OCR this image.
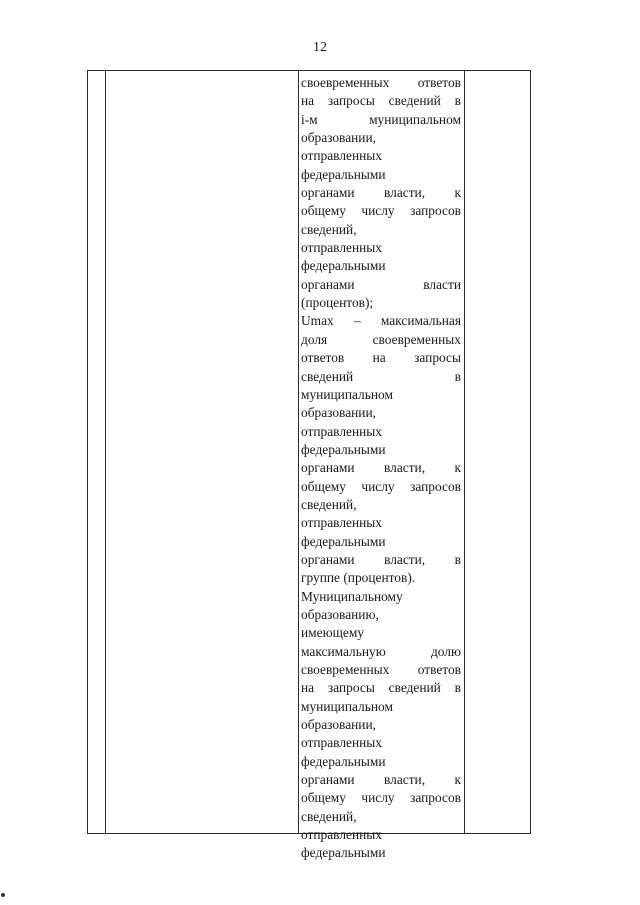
12
своевременных ответов
на запросы сведений в
i-м муниципальном
образовании,
отправленных
федеральными
органами власти, к
общему числу запросов
сведений,
отправленных
федеральными
органами власти
(процентов);
Umax – максимальная
доля своевременных
ответов на запросы
сведений в
муниципальном
образовании,
отправленных
федеральными
органами власти, к
общему числу запросов
сведений,
отправленных
федеральными
органами власти, в
группе (процентов).
Муниципальному
образованию,
имеющему
максимальную долю
своевременных ответов
на запросы сведений в
муниципальном
образовании,
отправленных
федеральными
органами власти, к
общему числу запросов
сведений,
отправленных
федеральными
